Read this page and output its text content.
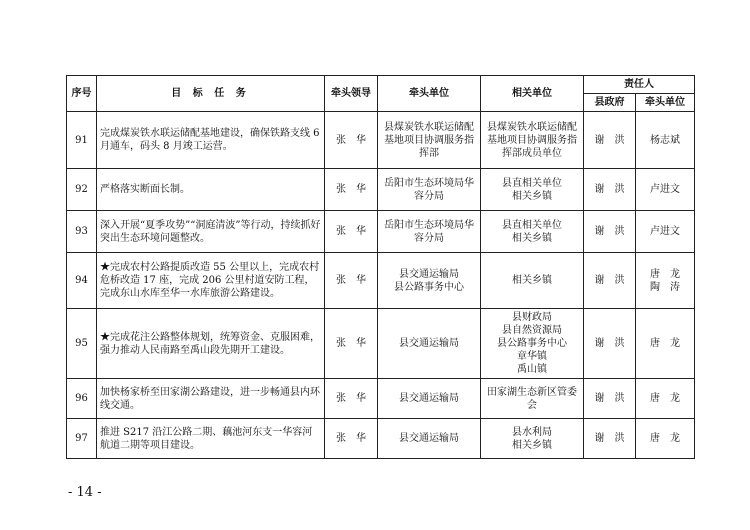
序号	目 标 任 务	牵头领导	牵头单位	相关单位	责任人	
					县政府	牵头单位
91	完成煤炭铁水联运储配基地建设，确保铁路支线 6 月通车，码头 8 月竣工运营。	张　华	县煤炭铁水联运储配
基地项目协调服务指
挥部	县煤炭铁水联运储配
基地项目协调服务指
挥部成员单位	谢　洪	杨志斌

92	严格落实断面长制。	张　华	岳阳市生态环境局华
容分局	县直相关单位
相关乡镇	谢　洪	卢进文

93	深入开展“夏季攻势”“洞庭清波”等行动，持续抓好突出生态环境问题整改。	张　华	岳阳市生态环境局华
容分局	县直相关单位
相关乡镇	谢　洪	卢进文

94	★完成农村公路提质改造 55 公里以上，完成农村危桥改造 17 座，完成 206 公里村道安防工程，完成东山水库至华一水库旅游公路建设。	张　华	县交通运输局
县公路事务中心	相关乡镇	谢　洪	唐　龙
陶　涛

95	★完成花注公路整体规划，统筹资金、克服困难，强力推动人民南路至禹山段先期开工建设。	张　华	县交通运输局	县财政局
县自然资源局
县公路事务中心
章华镇
禹山镇	谢　洪	唐　龙

96	加快杨家桥至田家湖公路建设，进一步畅通县内环线交通。	张　华	县交通运输局	田家湖生态新区管委会	谢　洪	唐　龙

97	推进 S217 沿江公路二期、藕池河东支一华容河航道二期等项目建设。	张　华	县交通运输局	县水利局
相关乡镇	谢　洪	唐　龙
- 14 -
